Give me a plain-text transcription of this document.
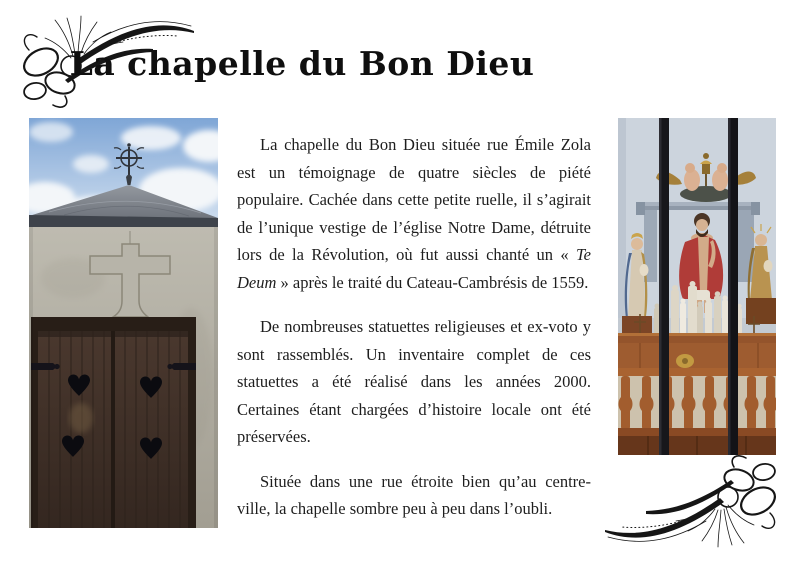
La chapelle du Bon Dieu

La chapelle du Bon Dieu située rue Émile Zola est un témoignage de quatre siècles de piété populaire. Cachée dans cette petite ruelle, il s’agirait de l’unique vestige de l’église Notre Dame, détruite lors de la Révolution, où fut aussi chanté un « Te Deum » après le traité du Cateau-Cambrésis de 1559.

De nombreuses statuettes religieuses et ex-voto y sont rassemblés. Un inventaire complet de ces statuettes a été réalisé dans les années 2000. Certaines étant chargées d’histoire locale ont été préservées.

Située dans une rue étroite bien qu’au centre-ville, la chapelle sombre peu à peu dans l’oubli.
